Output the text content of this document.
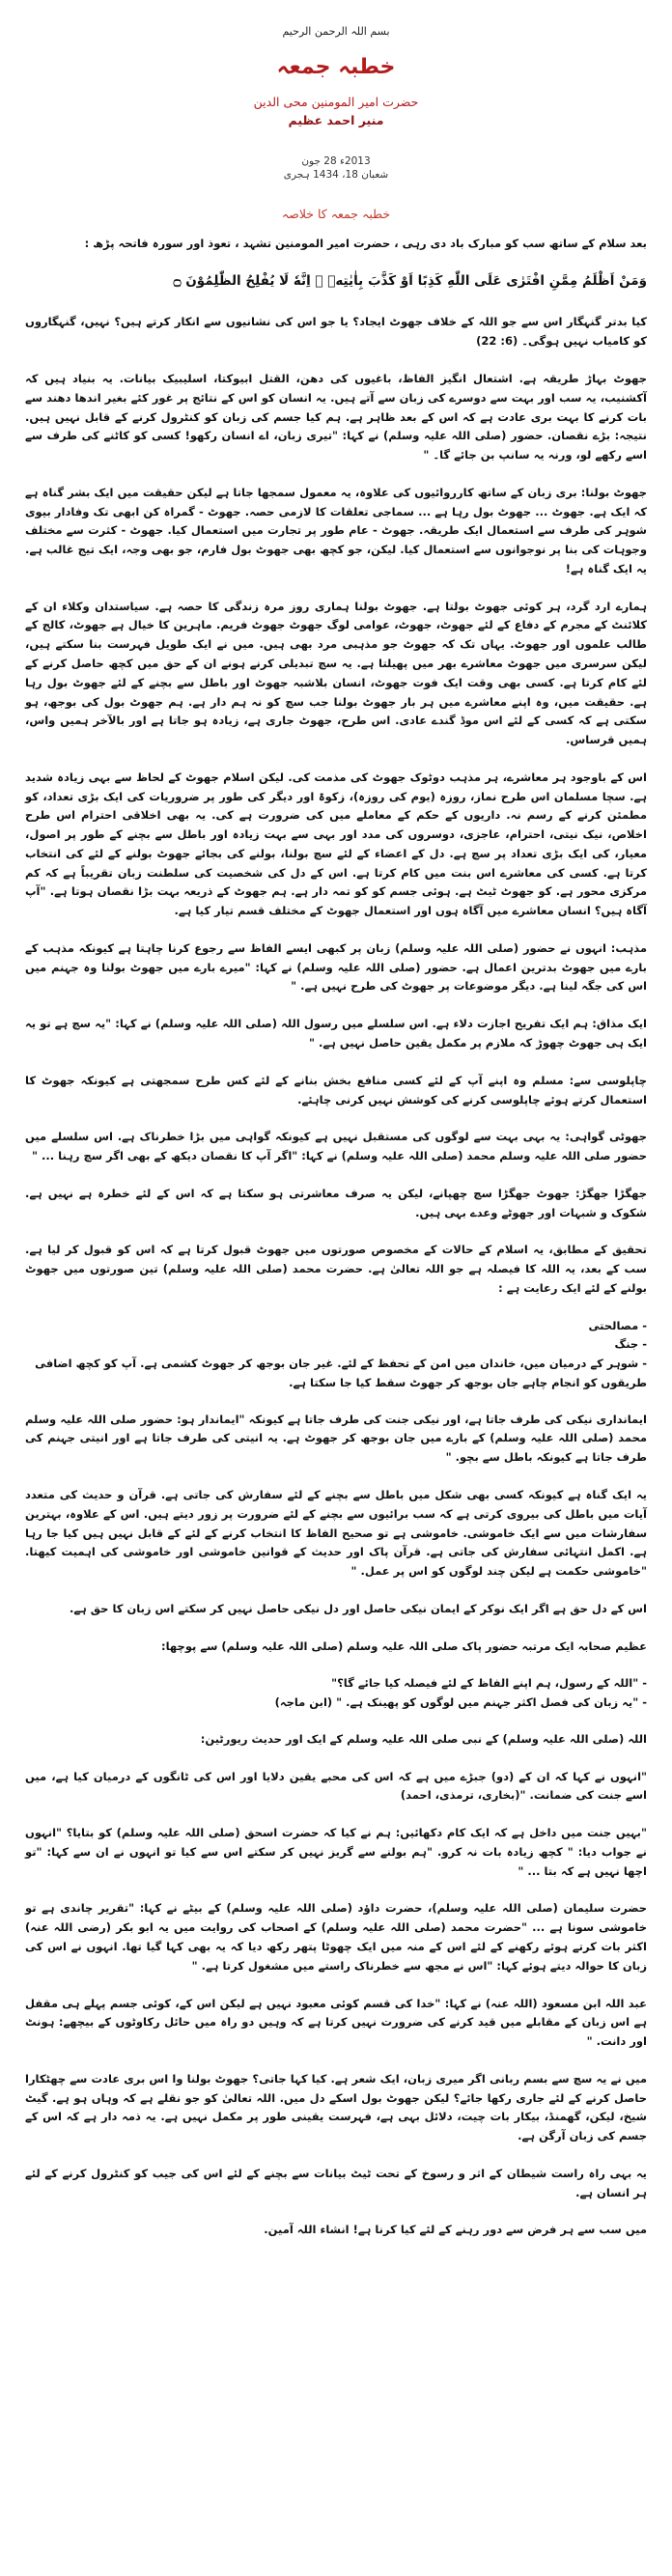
بسم اللہ الرحمن الرحیم
خطبہ جمعہ
حضرت امیر المومنین محی الدین
منیر احمد عظیم
2013ء 28 جون
شعبان 18، 1434 ہجری
خطبہ جمعہ کا خلاصہ

بعد سلام کے ساتھ سب کو مبارک باد دی رہی ، حضرت امیر المومنین تشہد ، تعوذ اور سورہ فاتحہ پڑھ :

وَمَنْ اَظْلَمُ مِمَّنِ افْتَرٰی عَلَی اللّٰهِ کَذِبًا اَوْ کَذَّبَ بِاٰیٰتِهٖ ۭ اِنَّهٗ لَا یُفْلِحُ الظّٰلِمُوْنَ ۝

کیا بدتر گنہگار اس سے جو اللہ کے خلاف جھوٹ ایجاد؟ یا جو اس کی نشانیوں سے انکار کرتے ہیں؟ نہیں، گنہگاروں کو کامیاب نہیں ہوگی۔ (6: 22)

جھوٹ بہاڑ طریقہ ہے. اشتعال انگیز الفاظ، باغیوں کی دھن، القتل ابیوکتا، اسلیبیک بیانات. یہ بنیاد ہیں کہ آکشنیب، یہ سب اور بہت سے دوسرے کی زبان سے آتے ہیں. یہ انسان کو اس کے نتائج پر غور کئے بغیر اندھا دھند سے بات کرنے کا بہت بری عادت ہے کہ اس کے بعد ظاہر ہے. ہم کیا جسم کی زبان کو کنٹرول کرنے کے قابل نہیں ہیں. نتیجہ: بڑے نقصان. حضور (صلی اللہ علیہ وسلم) نے کہا: "تیری زبان، اے انسان رکھو! کسی کو کاٹنے کی طرف سے اسے رکھے لو، ورنہ یہ سانپ بن جائے گا۔ "

جھوٹ بولنا: بری زبان کے ساتھ کارروائیوں کی علاوہ، یہ معمول سمجھا جاتا ہے لیکن حقیقت میں ایک بشر گناہ ہے کہ ایک ہے. جھوٹ ... جھوٹ بول رہا ہے ... سماجی تعلقات کا لازمی حصہ. جھوٹ - گمراہ کن ابھی تک وفادار بیوی شوہر کی طرف سے استعمال ایک طریقہ. جھوٹ - عام طور پر تجارت میں استعمال کیا. جھوٹ - کثرت سے مختلف وجوہات کی بنا پر نوجوانوں سے استعمال کیا. لیکن، جو کچھ بھی جھوٹ بول فارم، جو بھی وجہ، ایک تیج غالب ہے. یہ ایک گناہ ہے!

ہمارے ارد گرد، ہر کوئی جھوٹ بولتا ہے. جھوٹ بولنا ہماری روز مرہ زندگی کا حصہ ہے. سیاستدان وکلاء ان کے کلائنٹ کے مجرم کے دفاع کے لئے جھوٹ، جھوٹ، عوامی لوگ جھوٹ جھوٹ فریم. ماہرین کا خیال ہے جھوٹ، کالج کے طالب علموں اور جھوٹ. یہاں تک کہ جھوٹ جو مذہبی مرد بھی ہیں. میں نے ایک طویل فہرست بنا سکتے ہیں، لیکن سرسری میں جھوٹ معاشرے بھر میں پھیلتا ہے. یہ سچ تبدیلی کرنے ہونے ان کے حق میں کچھ حاصل کرنے کے لئے کام کرتا ہے. کسی بھی وقت ایک فوت جھوٹ، انسان بلاشبہ جھوٹ اور باطل سے بچنے کے لئے جھوٹ بول رہا ہے. حقیقت میں، وہ اپنے معاشرے میں ہر بار جھوٹ بولنا جب سچ کو نہ ہم دار ہے. ہم جھوٹ بول کی بوجھ، ہو سکتی ہے کہ کسی کے لئے اس موڈ گندے عادی. اس طرح، جھوٹ جاری ہے، زیادہ ہو جاتا ہے اور بالآخر ہمیں واس، ہمیں قرساس.

اس کے باوجود ہر معاشرے، ہر مذہب دوٹوک جھوٹ کی مذمت کی. لیکن اسلام جھوٹ کے لحاظ سے بہی زیادہ شدید ہے. سچا مسلمان اس طرح نماز، روزہ (یوم کی روزہ)، زکوۃ اور دیگر کی طور پر ضروریات کی ایک بڑی تعداد، کو مطمئن کرنے کے رسم نہ. داریوں کے حکم کے معاملے میں کی ضرورت ہے کی. یہ بھی اخلاقی احترام اس طرح اخلاص، نیک نیتی، احترام، عاجزی، دوسروں کی مدد اور بہی سے بہت زیادہ اور باطل سے بچنے کے طور پر اصول، معیار، کی ایک بڑی تعداد پر سچ ہے. دل کے اعضاء کے لئے سچ بولنا، بولنے کی بجائے جھوٹ بولنے کے لئے کی انتخاب کرتا ہے. کسی کی معاشرے اس بنت میں کام کرتا ہے. اس کے دل کی شخصیت کی سلطنت زبان تقریباً ہے کہ کم مرکزی محور ہے. کو جھوٹ ٹیٹ ہے. ہوئی جسم کو کو تمہ دار ہے. ہم جھوٹ کے ذریعہ بہت بڑا نقصان ہوتا ہے. "آپ آگاہ ہیں؟ انسان معاشرے میں آگاہ ہوں اور استعمال جھوٹ کے مختلف قسم تیار کیا ہے.

مذہب: انہوں نے حضور (صلی اللہ علیہ وسلم) زبان پر کبھی ایسے الفاظ سے رجوع کرنا چاہتا ہے کیونکہ مذہب کے بارے میں جھوٹ بدترین اعمال ہے. حضور (صلی اللہ علیہ وسلم) نے کہا: "میرے بارے میں جھوٹ بولنا وہ جہنم میں اس کی جگہ لینا ہے. دیگر موضوعات پر جھوٹ کی طرح نہیں ہے. "

ایک مذاق: ہم ایک تفریح اجازت دلاء ہے. اس سلسلے میں رسول اللہ (صلی اللہ علیہ وسلم) نے کہا: "یہ سچ ہے تو یہ ایک ہی جھوٹ چھوڑ کہ ملازم پر مکمل یقین حاصل نہیں ہے. "

چاپلوسی سے: مسلم وہ اپنے آپ کے لئے کسی منافع بخش بنانے کے لئے کس طرح سمجھتی ہے کیونکہ جھوٹ کا استعمال کرتے ہوئے چاپلوسی کرنے کی کوشش نہیں کرنی چاہئے.

جھوٹی گواہی: یہ بہی بہت سے لوگوں کی مستقبل نہیں ہے کیونکہ گواہی میں بڑا خطرناک ہے. اس سلسلے میں حضور صلی اللہ علیہ وسلم محمد (صلی اللہ علیہ وسلم) نے کہا: "اگر آپ کا نقصان دیکھ کے بھی اگر سچ رہنا ... "

جھگڑا جھگڑ: جھوٹ جھگڑا سچ چھپانے، لیکن یہ صرف معاشرتی ہو سکتا ہے کہ اس کے لئے خطرہ ہے نہیں ہے. شکوک و شبہات اور جھوٹے وعدے بہی ہیں.

تحقیق کے مطابق، یہ اسلام کے حالات کے مخصوص صورتوں میں جھوٹ قبول کرتا ہے کہ اس کو قبول کر لیا ہے. سب کے بعد، یہ اللہ کا فیصلہ ہے جو اللہ تعالیٰ ہے. حضرت محمد (صلی اللہ علیہ وسلم) تین صورتوں میں جھوٹ بولنے کے لئے ایک رعایت ہے :

- مصالحتی
- جنگ
- شوہر کے درمیان میں، خاندان میں امن کے تحفظ کے لئے. غیر جان بوجھ کر جھوٹ کشمی ہے. آپ کو کچھ اضافی طریقوں کو انجام چاہے جان بوجھ کر جھوٹ سقط کیا جا سکتا ہے.

ایمانداری نیکی کی طرف جاتا ہے، اور نیکی جنت کی طرف جاتا ہے کیونکہ "ایماندار ہو: حضور صلی اللہ علیہ وسلم محمد (صلی اللہ علیہ وسلم) کے بارے میں جان بوجھ کر جھوٹ ہے. یہ انیتی کی طرف جاتا ہے اور انیتی جہنم کی طرف جاتا ہے کیونکہ باطل سے بچو. "

یہ ایک گناہ ہے کیونکہ کسی بھی شکل میں باطل سے بچنے کے لئے سفارش کی جاتی ہے. قرآن و حدیث کی متعدد آیات میں باطل کی بیروی کرتی ہے کہ سب برائیوں سے بچنے کے لئے ضرورت پر زور دیتے ہیں. اس کے علاوہ، بہترین سفارشات میں سے ایک خاموشی. خاموشی ہے تو صحیح الفاظ کا انتخاب کرنے کے لئے کے قابل نہیں ہیں کیا جا رہا ہے. اکمل انتہائی سفارش کی جاتی ہے. قرآن پاک اور حدیث کے قوانین خاموشی اور خاموشی کی اہمیت کیھتا. "خاموشی حکمت ہے لیکن چند لوگوں کو اس پر عمل. "

اس کے دل حق ہے اگر ایک نوکر کے ایمان نیکی حاصل اور دل نیکی حاصل نہیں کر سکتے اس زبان کا حق ہے.

عظیم صحابہ ایک مرتبہ حضور پاک صلی اللہ علیہ وسلم (صلی اللہ علیہ وسلم) سے پوچھا:

- "اللہ کے رسول، ہم اپنے الفاظ کے لئے فیصلہ کیا جائے گا؟"
- "یہ زبان کی فصل اکثر جہنم میں لوگوں کو پھینک ہے. " (ابن ماجہ)

اللہ (صلی اللہ علیہ وسلم) کے نبی صلی اللہ علیہ وسلم کے ایک اور حدیث ریورٹین:

"انہوں نے کہا کہ ان کے (دو) جبڑے میں ہے کہ اس کی محبے یقین دلایا اور اس کی ٹانگوں کے درمیان کیا ہے، میں اسے جنت کی ضمانت. "(بخاری، ترمذی، احمد)

"بہیں جنت میں داخل ہے کہ ایک کام دکھائیں: ہم نے کیا کہ حضرت اسحق (صلی اللہ علیہ وسلم) کو بتایا؟ "انہوں نے جواب دیا: " کچھ زیادہ بات نہ کرو. "ہم بولنے سے گریز نہیں کر سکتے اس سے کیا تو انہوں نے ان سے کہا: "تو اچھا نہیں ہے کہ بتا ... "

حضرت سلیمان (صلی اللہ علیہ وسلم)، حضرت داؤد (صلی اللہ علیہ وسلم) کے بیٹے نے کہا: "تقریر چاندی ہے تو خاموشی سونا ہے ... "حضرت محمد (صلی اللہ علیہ وسلم) کے اصحاب کی روایت میں یہ ابو بکر (رضی اللہ عنہ) اکثر بات کرتے ہوئے رکھنے کے لئے اس کے منہ میں ایک چھوٹا پتھر رکھ دیا کہ یہ بھی کہا گیا تھا. انہوں نے اس کی زبان کا حوالہ دیتے ہوئے کہا: "اس نے مجھ سے خطرناک راستے میں مشغول کرتا ہے. "

عبد اللہ ابن مسعود (اللہ عنہ) نے کہا: "خدا کی قسم کوئی معبود نہیں ہے لیکن اس کے، کوئی جسم پہلے ہی مقفل ہے اس زبان کے مقابلے میں قید کرنے کی ضرورت نہیں کرتا ہے کہ وہیں دو راہ میں حائل رکاوٹوں کے بیچھے: ہونٹ اور دانت. "

میں نے یہ سچ سے بسم ربانی اگر میری زبان، ایک شعر ہے. کیا کہا جاتی؟ جھوٹ بولنا وا اس بری عادت سے چھٹکارا حاصل کرنے کے لئے جاری رکھا جائے؟ لیکن جھوٹ بول اسکے دل میں. اللہ تعالیٰ کو جو نقلے ہے کہ وہاں ہو ہے. گیٹ شیخ، لیکن، گھمنڈ، بیکار بات چیت، دلائل بہی ہے، فہرست یقینی طور پر مکمل نہیں ہے. یہ ذمہ دار ہے کہ اس کے جسم کی زبان آرگن ہے.

یہ بہی راہ راست شیطان کے اثر و رسوخ کے تحت ٹیٹ بیانات سے بچنے کے لئے اس کی جیب کو کنٹرول کرنے کے لئے ہر انسان ہے.

میں سب سے ہر فرض سے دور رہنے کے لئے کیا کرنا ہے! انشاء اللہ آمین.
